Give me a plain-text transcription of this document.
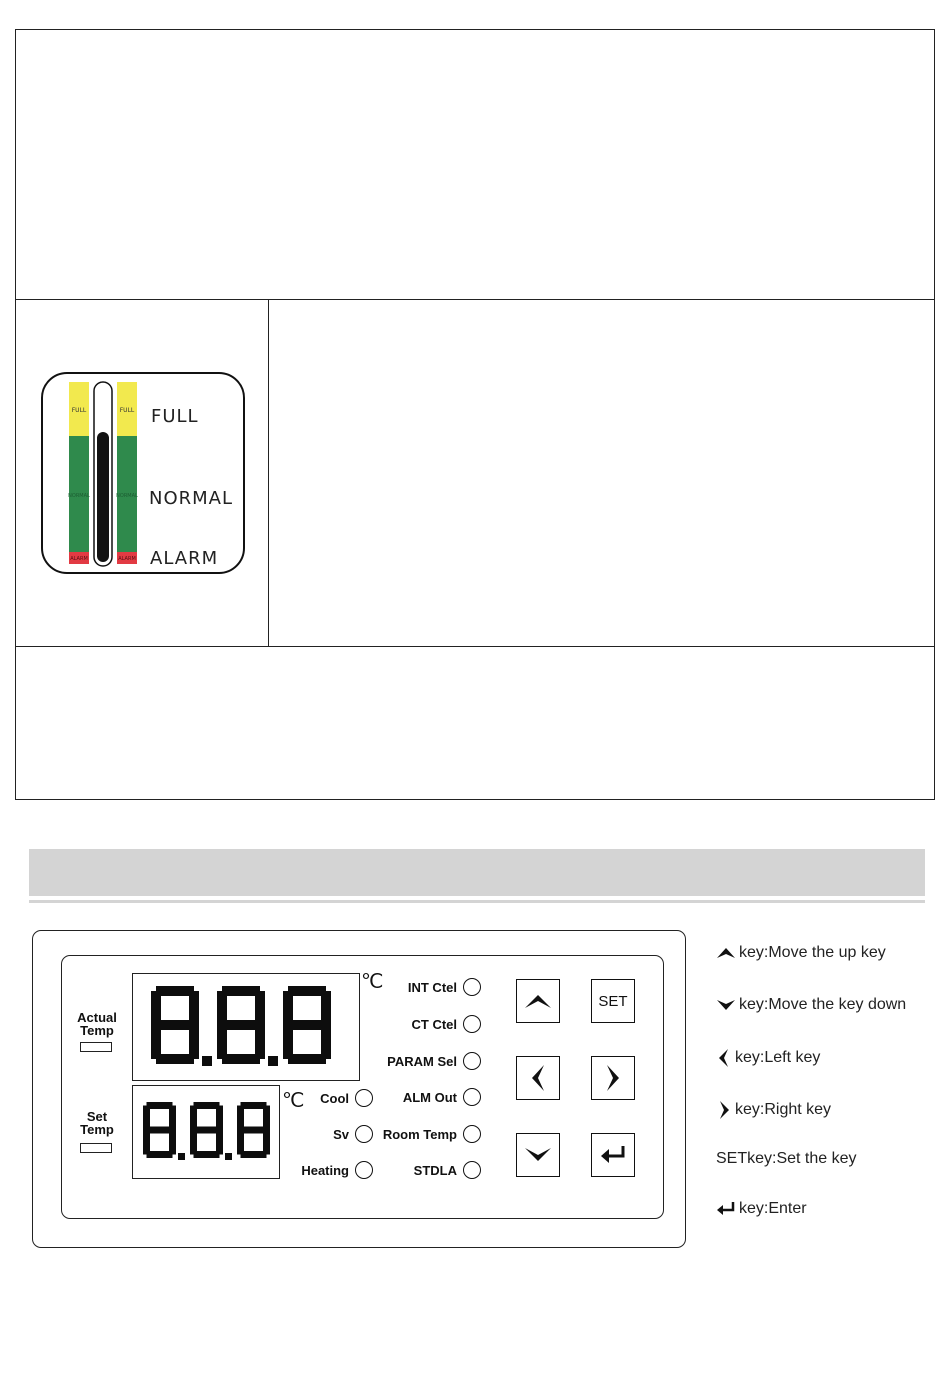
FULL	FULL
NORMAL	NORMAL
ALARM	ALARM
FULL
NORMAL
ALARM
Actual
Temp
Set
Temp
℃
℃
INT Ctel
CT Ctel
PARAM Sel
ALM Out
Room Temp
STDLA
Cool
Sv
Heating
SET
key:Move the up key
key:Move the key down
key:Left key
key:Right key
SETkey:Set the key
key:Enter
